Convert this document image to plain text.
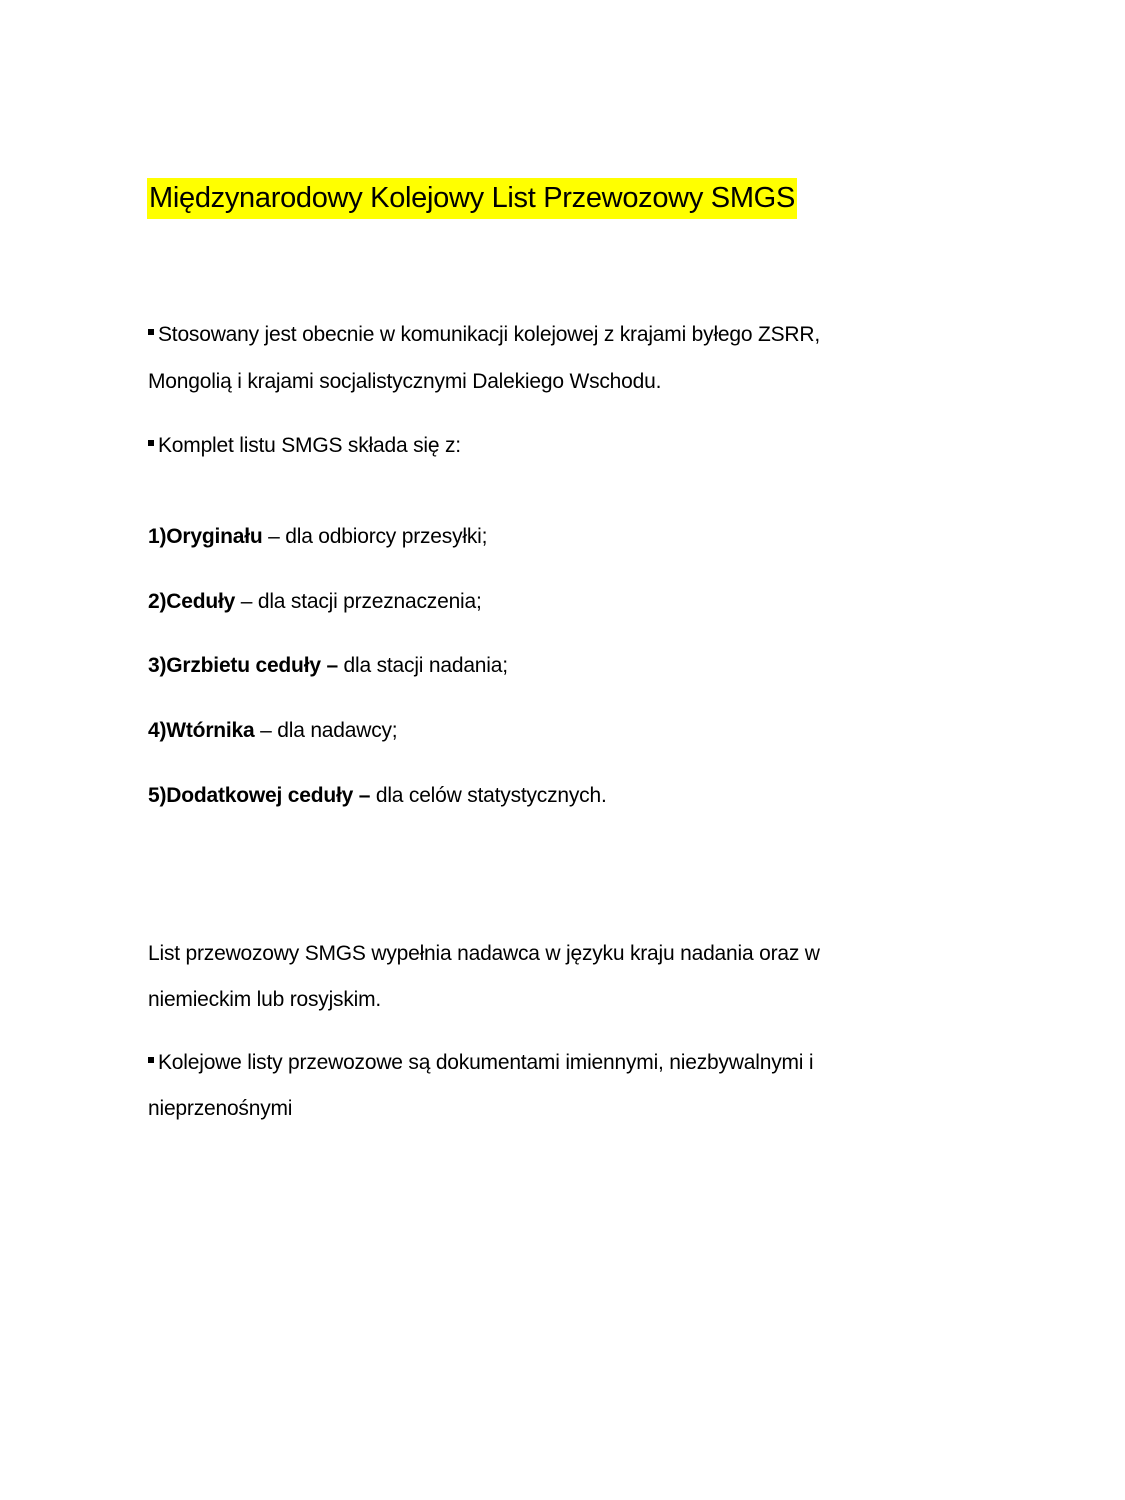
Międzynarodowy Kolejowy List Przewozowy SMGS
Stosowany jest obecnie w komunikacji kolejowej z krajami byłego ZSRR,
Mongolią i krajami socjalistycznymi Dalekiego Wschodu.
Komplet listu SMGS składa się z:
1)Oryginału – dla odbiorcy przesyłki;
2)Cedu‍ły – dla stacji przeznaczenia;
3)Grzbietu cedu‍ły – dla stacji nadania;
4)Wtórnika – dla nadawcy;
5)Dodatkowej cedu‍ły – dla celów statystycznych.
List przewozowy SMGS wypełnia nadawca w języku kraju nadania oraz w
niemieckim lub rosyjskim.
Kolejowe listy przewozowe są dokumentami imiennymi, niezbywalnymi i
nieprzenośnymi
